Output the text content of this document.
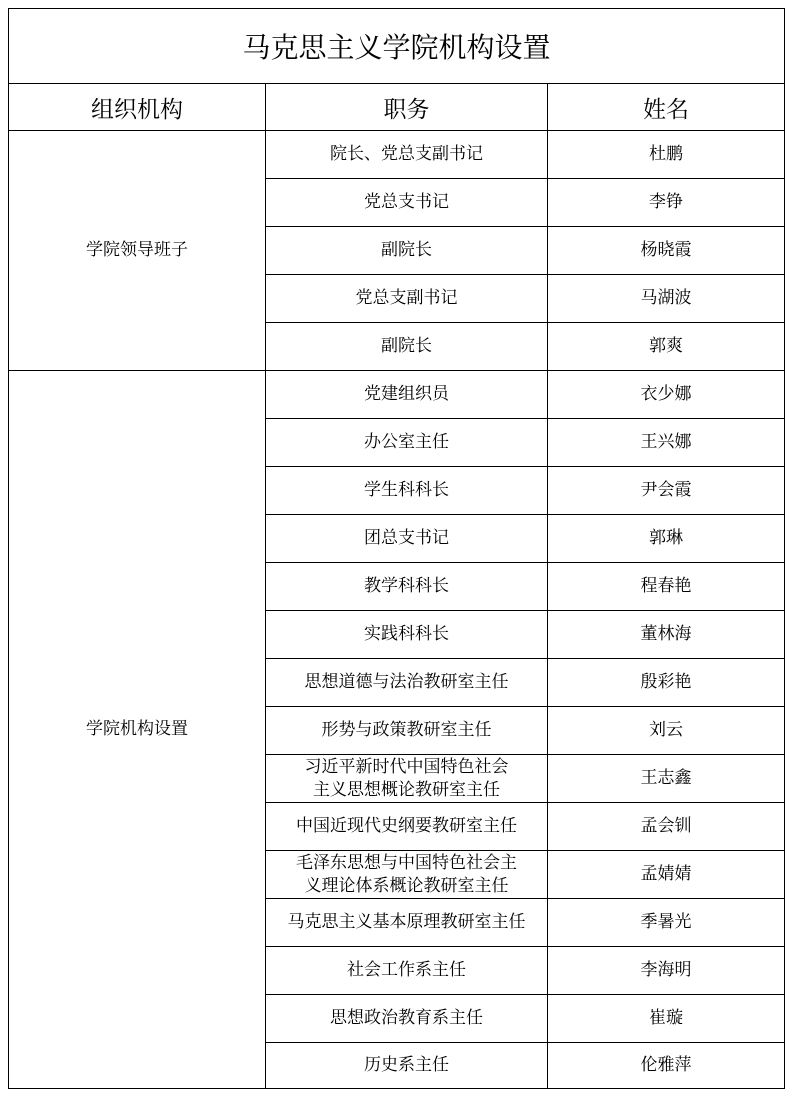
马克思主义学院机构设置		
组织机构	职务	姓名
学院领导班子	院长、党总支副书记	杜鹏
	党总支书记	李铮
	副院长	杨晓霞
	党总支副书记	马湖波
	副院长	郭爽
学院机构设置	党建组织员	衣少娜
	办公室主任	王兴娜
	学生科科长	尹会霞
	团总支书记	郭琳
	教学科科长	程春艳
	实践科科长	董林海
	思想道德与法治教研室主任	殷彩艳
	形势与政策教研室主任	刘云

	习近平新时代中国特色社会
主义思想概论教研室主任	王志鑫
	中国近现代史纲要教研室主任	孟会钏

	毛泽东思想与中国特色社会主
义理论体系概论教研室主任	孟婧婧
	马克思主义基本原理教研室主任	季暑光
	社会工作系主任	李海明
	思想政治教育系主任	崔璇
	历史系主任	伦雅萍
